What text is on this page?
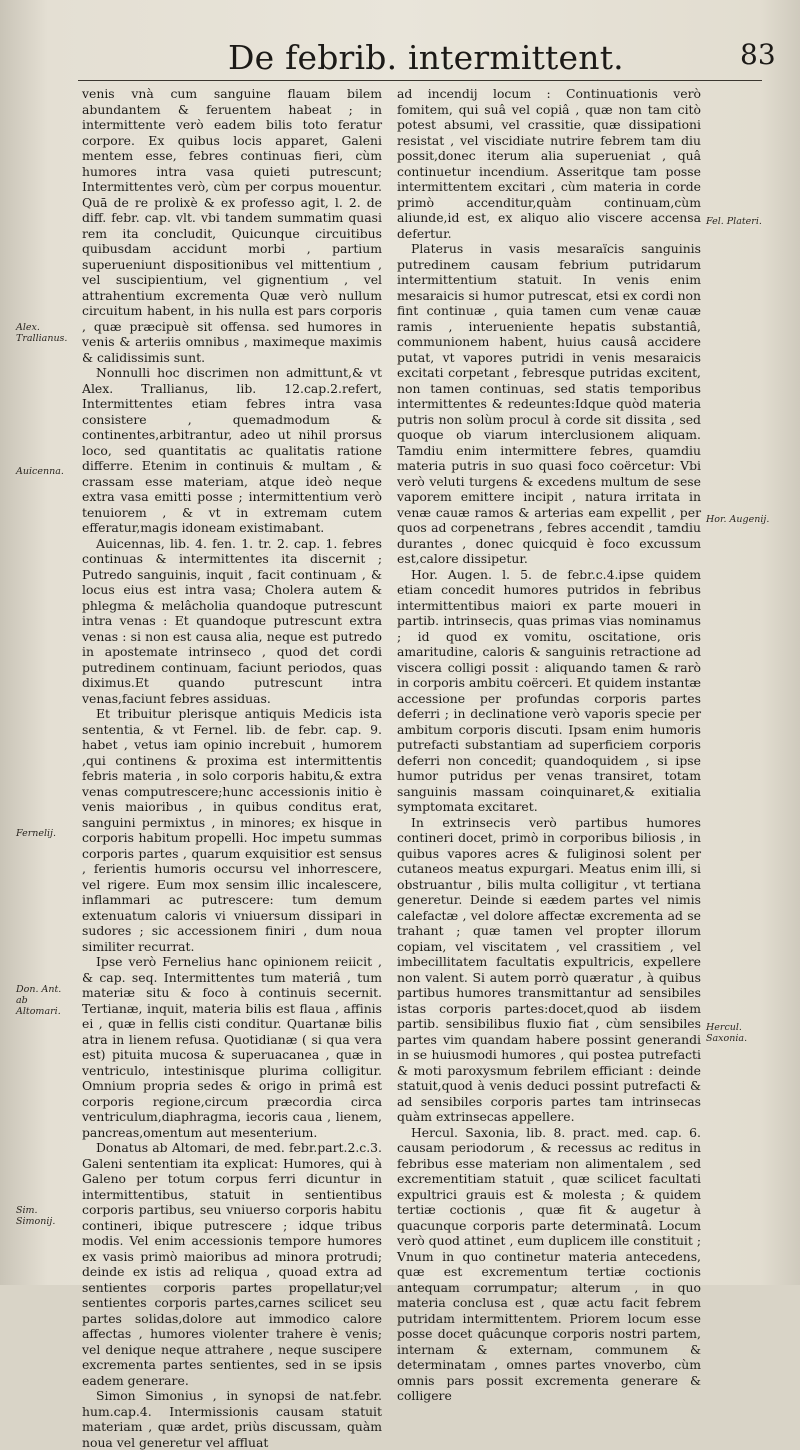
De febrib. intermittent.	83

venis vnà cum sanguine flauam bilem abundantem & feruentem habeat ; in intermittente verò eadem bilis toto feratur corpore. Ex quibus locis apparet, Galeni mentem esse, febres continuas fieri, cùm humores intra vasa quieti putrescunt; Intermittentes verò, cùm per corpus mouentur. Quā de re prolixè & ex professo agit, l. 2. de diff. febr. cap. vlt. vbi tandem summatim quasi rem ita concludit, Quicunque circuitibus quibusdam accidunt morbi , partium superueniunt dispositionibus vel mittentium , vel suscipientium, vel gignentium , vel attrahentium excrementa Quæ verò nullum circuitum habent, in his nulla est pars corporis , quæ præcipuè sit offensa. sed humores in venis & arteriis omnibus , maximeque maximis & calidissimis sunt.

Nonnulli hoc discrimen non admittunt,& vt Alex. Trallianus, lib. 12.cap.2.refert, Intermittentes etiam febres intra vasa consistere , quemadmodum & continentes,arbitrantur, adeo ut nihil prorsus loco, sed quantitatis ac qualitatis ratione differre. Etenim in continuis & multam , & crassam esse materiam, atque ideò neque extra vasa emitti posse ; intermittentium verò tenuiorem , & vt in extremam cutem efferatur,magis idoneam existimabant.

Auicennas, lib. 4. fen. 1. tr. 2. cap. 1. febres continuas & intermittentes ita discernit ; Putredo sanguinis, inquit , facit continuam , & locus eius est intra vasa; Cholera autem & phlegma & melâcholia quandoque putrescunt intra venas : Et quandoque putrescunt extra venas : si non est causa alia, neque est putredo in apostemate intrinseco , quod det cordi putredinem continuam, faciunt periodos, quas diximus.Et quando putrescunt intra venas,faciunt febres assiduas.

Et tribuitur plerisque antiquis Medicis ista sententia, & vt Fernel. lib. de febr. cap. 9. habet , vetus iam opinio increbuit , humorem ,qui continens & proxima est intermittentis febris materia , in solo corporis habitu,& extra venas computrescere;hunc accessionis initio è venis maioribus , in quibus conditus erat, sanguini permixtus , in minores; ex hisque in corporis habitum propelli. Hoc impetu summas corporis partes , quarum exquisitior est sensus , ferientis humoris occursu vel inhorrescere, vel rigere. Eum mox sensim illic incalescere, inflammari ac putrescere: tum demum extenuatum caloris vi vniuersum dissipari in sudores ; sic accessionem finiri , dum noua similiter recurrat.

Ipse verò Fernelius hanc opinionem reiicit , & cap. seq. Intermittentes tum materiâ , tum materiæ situ & foco à continuis secernit. Tertianæ, inquit, materia bilis est flaua , affinis ei , quæ in fellis cisti conditur. Quartanæ bilis atra in lienem refusa. Quotidianæ ( si qua vera est) pituita mucosa & superuacanea , quæ in ventriculo, intestinisque plurima colligitur. Omnium propria sedes & origo in primâ est corporis regione,circum præcordia circa ventriculum,diaphragma, iecoris caua , lienem, pancreas,omentum aut mesenterium.

Donatus ab Altomari, de med. febr.part.2.c.3. Galeni sententiam ita explicat: Humores, qui à Galeno per totum corpus ferri dicuntur in intermittentibus, statuit in sentientibus corporis partibus, seu vniuerso corporis habitu contineri, ibique putrescere ; idque tribus modis. Vel enim accessionis tempore humores ex vasis primò maioribus ad minora protrudi; deinde ex istis ad reliqua , quoad extra ad sentientes corporis partes propellatur;vel sentientes corporis partes,carnes scilicet seu partes solidas,dolore aut immodico calore affectas , humores violenter trahere è venis; vel denique neque attrahere , neque suscipere excrementa partes sentientes, sed in se ipsis eadem generare.

Simon Simonius , in synopsi de nat.febr. hum.cap.4. Intermissionis causam statuit materiam , quæ ardet, priùs discussam, quàm noua vel generetur vel affluat

ad incendij locum : Continuationis verò fomitem, qui suâ vel copiâ , quæ non tam citò potest absumi, vel crassitie, quæ dissipationi resistat , vel viscidiate nutrire febrem tam diu possit,donec iterum alia superueniat , quâ continuetur incendium. Asseritque tam posse intermittentem excitari , cùm materia in corde primò accenditur,quàm continuam,cùm aliunde,id est, ex aliquo alio viscere accensa defertur.

Platerus in vasis mesaraïcis sanguinis putredinem causam febrium putridarum intermittentium statuit. In venis enim mesaraicis si humor putrescat, etsi ex cordi non fint continuæ , quia tamen cum venæ cauæ ramis , interueniente hepatis substantiâ, communionem habent, huius causâ accidere putat, vt vapores putridi in venis mesaraicis excitati corpetant , febresque putridas excitent, non tamen continuas, sed statis temporibus intermittentes & redeuntes:Idque quòd materia putris non solùm procul à corde sit dissita , sed quoque ob viarum interclusionem aliquam. Tamdiu enim intermittere febres, quamdiu materia putris in suo quasi foco coërcetur: Vbi verò veluti turgens & excedens multum de sese vaporem emittere incipit , natura irritata in venæ cauæ ramos & arterias eam expellit , per quos ad corpenetrans , febres accendit , tamdiu durantes , donec quicquid è foco excussum est,calore dissipetur.

Hor. Augen. l. 5. de febr.c.4.ipse quidem etiam concedit humores putridos in febribus intermittentibus maiori ex parte moueri in partib. intrinsecis, quas primas vias nominamus ; id quod ex vomitu, oscitatione, oris amaritudine, caloris & sanguinis retractione ad viscera colligi possit : aliquando tamen & rarò in corporis ambitu coërceri. Et quidem instantæ accessione per profundas corporis partes deferri ; in declinatione verò vaporis specie per ambitum corporis discuti. Ipsam enim humoris putrefacti substantiam ad superficiem corporis deferri non concedit; quandoquidem , si ipse humor putridus per venas transiret, totam sanguinis massam coinquinaret,& exitialia symptomata excitaret.

In extrinsecis verò partibus humores contineri docet, primò in corporibus biliosis , in quibus vapores acres & fuliginosi solent per cutaneos meatus expurgari. Meatus enim illi, si obstruantur , bilis multa colligitur , vt tertiana generetur. Deinde si eædem partes vel nimis calefactæ , vel dolore affectæ excrementa ad se trahant ; quæ tamen vel propter illorum copiam, vel viscitatem , vel crassitiem , vel imbecillitatem facultatis expultricis, expellere non valent. Si autem porrò quæratur , à quibus partibus humores transmittantur ad sensibiles istas corporis partes:docet,quod ab iisdem partib. sensibilibus fluxio fiat , cùm sensibiles partes vim quandam habere possint generandi in se huiusmodi humores , qui postea putrefacti & moti paroxysmum febrilem efficiant : deinde statuit,quod à venis deduci possint putrefacti & ad sensibiles corporis partes tam intrinsecas quàm extrinsecas appellere.

Hercul. Saxonia, lib. 8. pract. med. cap. 6. causam periodorum , & recessus ac reditus in febribus esse materiam non alimentalem , sed excrementitiam statuit , quæ scilicet facultati expultrici grauis est & molesta ; & quidem tertiæ coctionis , quæ fit & augetur à quacunque corporis parte determinatâ. Locum verò quod attinet , eum duplicem ille constituit ; Vnum in quo continetur materia antecedens, quæ est excrementum tertiæ coctionis antequam corrumpatur; alterum , in quo materia conclusa est , quæ actu facit febrem putridam intermittentem. Priorem locum esse posse docet quâcunque corporis nostri partem, internam & externam, communem & determinatam , omnes partes vnoverbo, cùm omnis pars possit excrementa generare & colligere

Alex. Trallianus.
Auicenna.
Fernelij.
Don. Ant. ab Altomari.
Sim. Simonij.
Fel. Plateri.
Hor. Augenij.
Hercul. Saxonia.
